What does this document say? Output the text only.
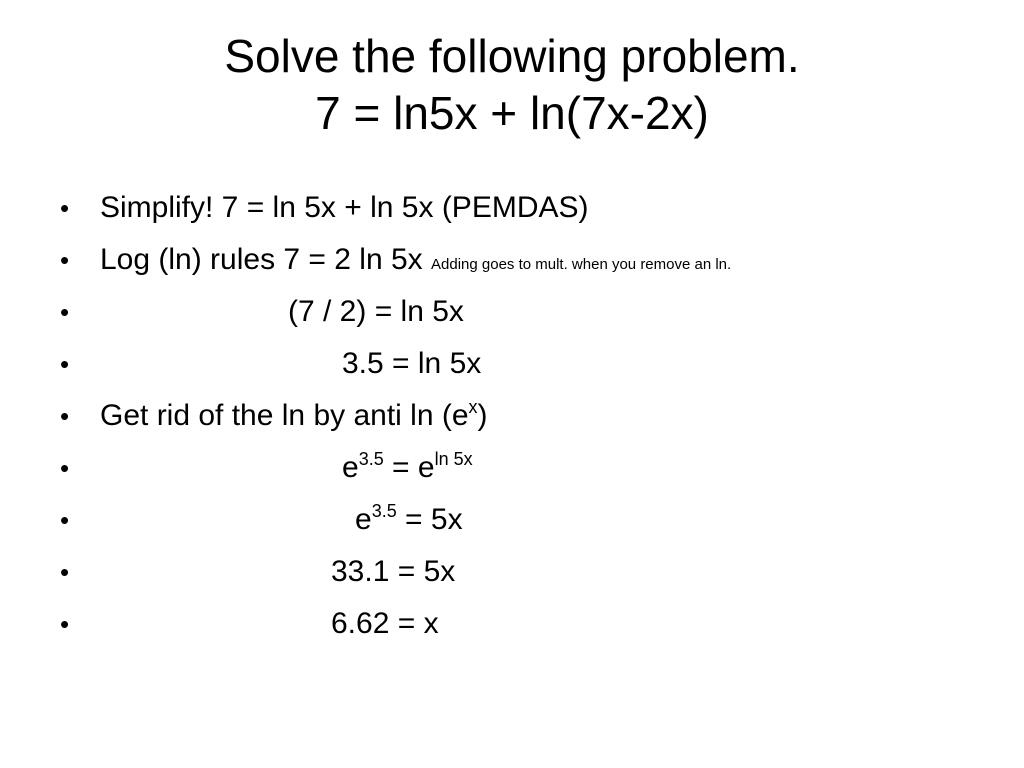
Solve the following problem.
7 = ln5x + ln(7x-2x)
• Simplify! 7 = ln 5x + ln 5x (PEMDAS)
• Log (ln) rules 7 = 2 ln 5x Adding goes to mult. when you remove an ln.
•	(7 / 2) = ln 5x
•	3.5 = ln 5x
• Get rid of the ln by anti $\ln (e^x)$
•	$e^{3.5} = e^{ln 5x}$
•	$e^{3.5} = 5x$
•	33.1 = 5x
•	6.62 = x
